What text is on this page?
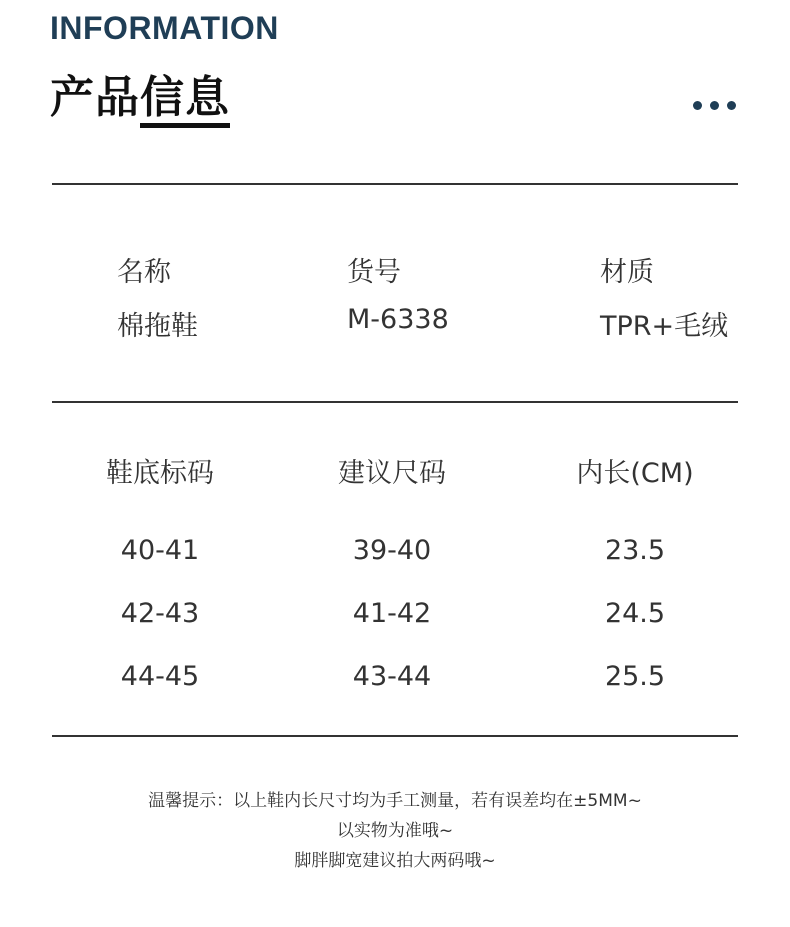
INFORMATION
产品信息
名称	货号	材质
棉拖鞋	M-6338	TPR+毛绒
鞋底标码	建议尺码	内长(CM)
40-41	39-40	23.5
42-43	41-42	24.5
44-45	43-44	25.5
温馨提示：以上鞋内长尺寸均为手工测量，若有误差均在±5MM~
以实物为准哦~
脚胖脚宽建议拍大两码哦~
